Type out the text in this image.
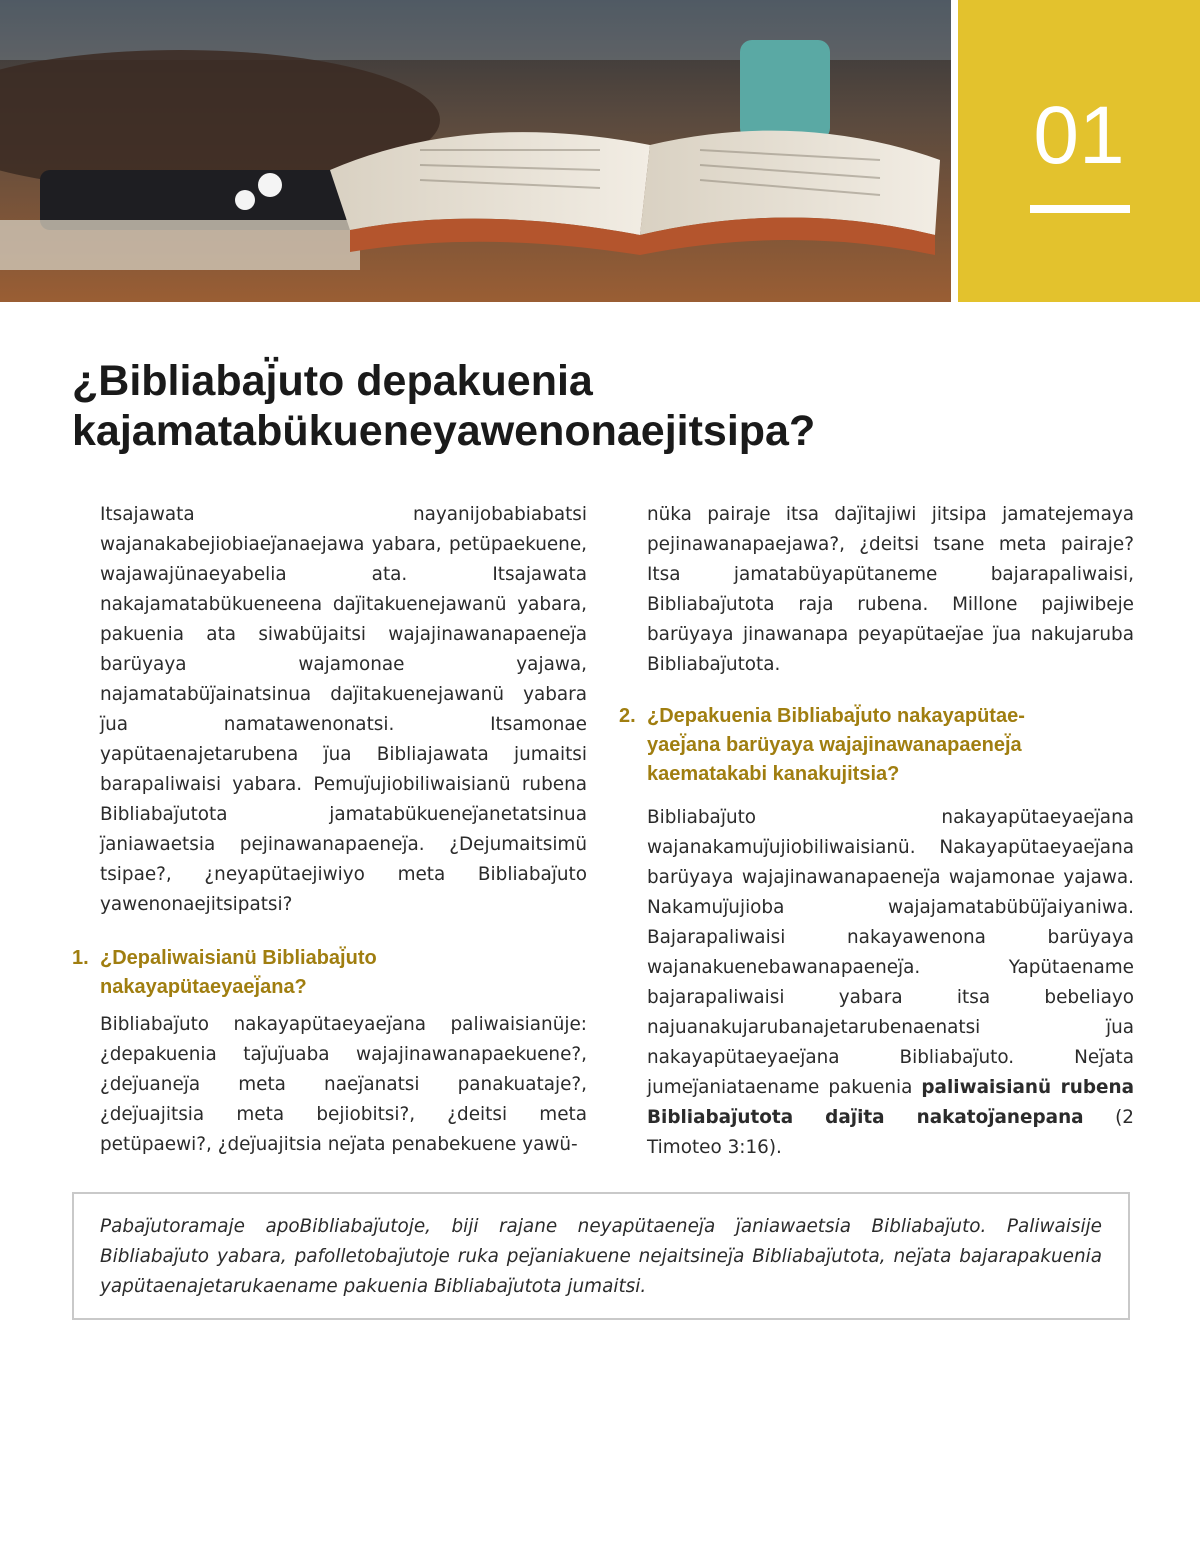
01
¿Bibliabaj̈uto depakuenia
kajamatabükueneyawenonaejitsipa?

Itsajawata nayanijobabiabatsi wajanakabejiobiaej̈anaejawa yabara, petüpaekuene, wajawajünaeyabelia ata. Itsajawata nakajamatabükueneena daj̈itakuenejawanü yabara, pakuenia ata siwabüjaitsi wajajinawanapaenej̈a barüyaya wajamonae yajawa, najamatabüj̈ainatsinua daj̈itakuenejawanü yabara j̈ua namatawenonatsi. Itsamonae yapütaenajetarubena j̈ua Bibliajawata jumaitsi barapaliwaisi yabara. Pemuj̈ujiobiliwaisianü rubena Bibliabaj̈utota jamatabükuenej̈anetatsinua j̈aniawaetsia pejinawanapaenej̈a. ¿Dejumaitsimü tsipae?, ¿neyapütaejiwiyo meta Bibliabaj̈uto yawenonaejitsipatsi?

1. ¿Depaliwaisianü Bibliabaj̈uto
nakayapütaeyaej̈ana?

Bibliabaj̈uto nakayapütaeyaej̈ana paliwaisianüje: ¿depakuenia taj̈uj̈uaba wajajinawanapaekuene?, ¿dej̈uanej̈a meta naej̈anatsi panakuataje?, ¿dej̈uajitsia meta bejiobitsi?, ¿deitsi meta petüpaewi?, ¿dej̈uajitsia nej̈ata penabekuene yawü-

nüka pairaje itsa daj̈itajiwi jitsipa jamatejemaya pejinawanapaejawa?, ¿deitsi tsane meta pairaje? Itsa jamatabüyapütaneme bajarapaliwaisi, Bibliabaj̈utota raja rubena. Millone pajiwibeje barüyaya jinawanapa peyapütaej̈ae j̈ua nakujaruba Bibliabaj̈utota.

2. ¿Depakuenia Bibliabaj̈uto nakayapütae-
yaej̈ana barüyaya wajajinawanapaenej̈a
kaematakabi kanakujitsia?

Bibliabaj̈uto nakayapütaeyaej̈ana wajanakamuj̈ujiobiliwaisianü. Nakayapütaeyaej̈ana barüyaya wajajinawanapaenej̈a wajamonae yajawa. Nakamuj̈ujioba wajajamatabübüj̈aiyaniwa. Bajarapaliwaisi nakayawenona barüyaya wajanakuenebawanapaenej̈a. Yapütaename bajarapaliwaisi yabara itsa bebeliayo najuanakujarubanajetarubenaenatsi j̈ua nakayapütaeyaej̈ana Bibliabaj̈uto. Nej̈ata jumej̈aniataename pakuenia paliwaisianü rubena Bibliabaj̈utota daj̈ita nakatoj̈anepana (2 Timoteo 3:16).

Pabaj̈utoramaje apoBibliabaj̈utoje, biji rajane neyapütaenej̈a j̈aniawaetsia Bibliabaj̈uto. Paliwaisije Bibliabaj̈uto yabara, pafolletobaj̈utoje ruka pej̈aniakuene nejaitsinej̈a Bibliabaj̈utota, nej̈ata bajarapakuenia yapütaenajetarukaename pakuenia Bibliabaj̈utota jumaitsi.
